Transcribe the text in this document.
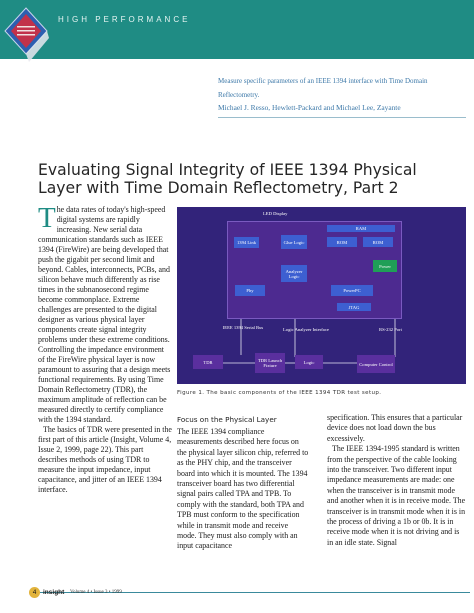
HIGH PERFORMANCE
Measure specific parameters of an IEEE 1394 interface with Time Domain Reflectometry.
Michael J. Resso, Hewlett-Packard and Michael Lee, Zayante
Evaluating Signal Integrity of IEEE 1394 Physical Layer with Time Domain Reflectometry, Part 2

The data rates of today's high-speed digital systems are rapidly increasing. New serial data communication standards such as IEEE 1394 (FireWire) are being developed that push the gigabit per second limit and beyond. Cables, interconnects, PCBs, and silicon behave much differently as rise times in the subnanosecond regime become commonplace. Extreme challenges are presented to the digital designer as various physical layer components create signal integrity problems under these extreme conditions. Controlling the impedance environment of the FireWire physical layer is now paramount to assuring that a design meets functional requirements. By using Time Domain Reflectometry (TDR), the maximum amplitude of reflection can be measured directly to certify compliance with the 1394 standard.

The basics of TDR were presented in the first part of this article (Insight, Volume 4, Issue 2, 1999, page 22). This part describes methods of using TDR to measure the input impedance, input capacitance, and jitter of an IEEE 1394 interface.

LED Display
RAM
1394 Link	Glue Logic	ROM	ROM
Power
Analyzer Logic
Phy	PowerPC
JTAG
IEEE 1394 Serial Bus	Logic Analyzer Interface	RS-232 Port
TDR	TDR Launch Fixture
Logic	Computer Control
Figure 1. The basic components of the IEEE 1394 TDR test setup.
Focus on the Physical Layer

The IEEE 1394 compliance measurements described here focus on the physical layer silicon chip, referred to as the PHY chip, and the transceiver board into which it is mounted. The 1394 transceiver board has two differential signal pairs called TPA and TPB. To comply with the standard, both TPA and TPB must conform to the specification while in transmit mode and receive mode. They must also comply with an input capacitance

specification. This ensures that a particular device does not load down the bus excessively.

The IEEE 1394-1995 standard is written from the perspective of the cable looking into the transceiver. Two different input impedance measurements are made: one when the transceiver is in transmit mode and another when it is in receive mode. The transceiver is in transmit mode when it is in the process of driving a 1b or 0b. It is in receive mode when it is not driving and is in an idle state. Signal

4	insight Volume 4 • Issue 3 • 1999
